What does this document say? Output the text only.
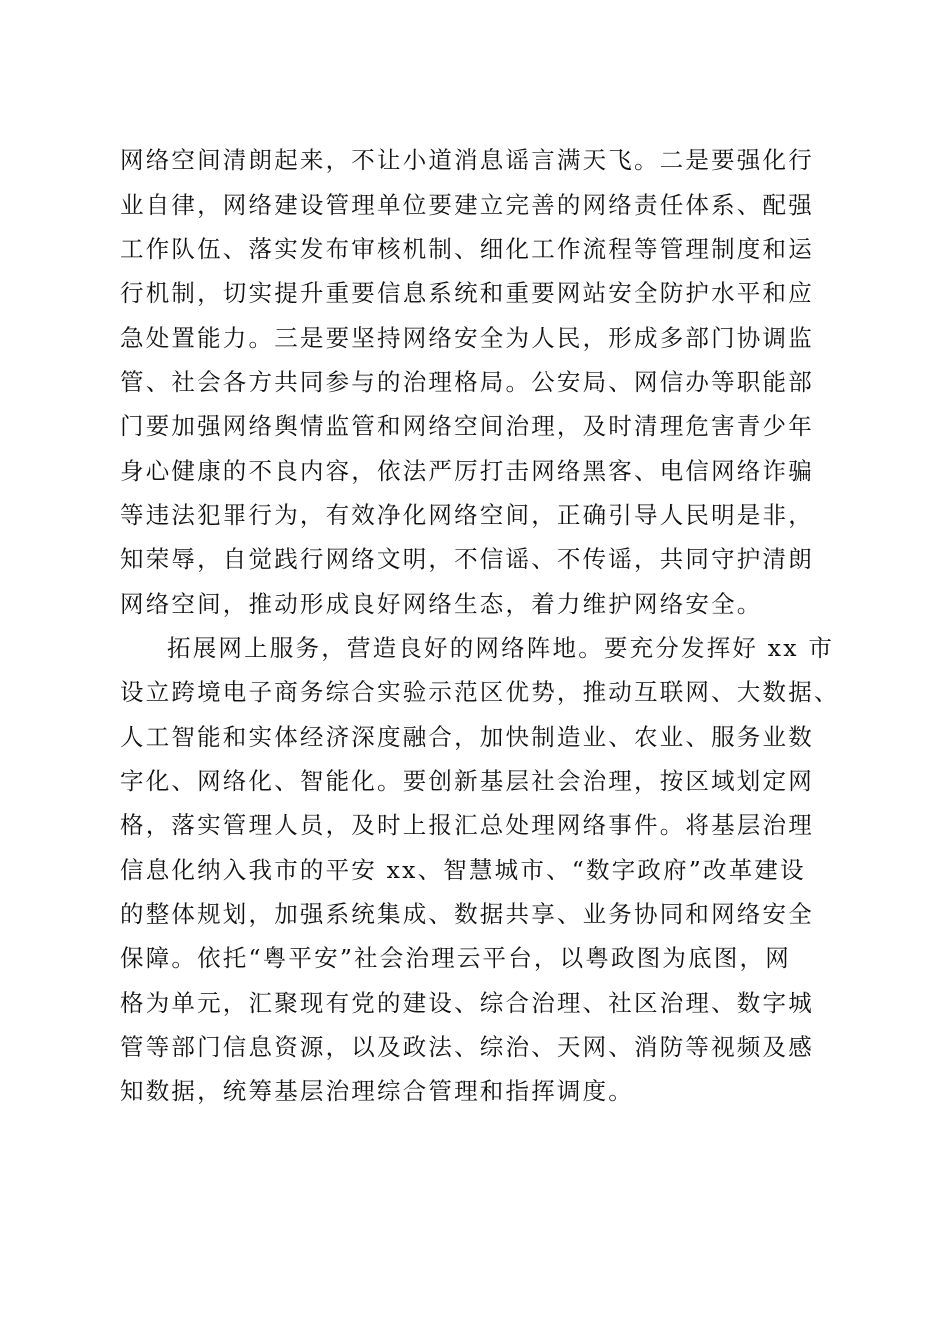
网络空间清朗起来，不让小道消息谣言满天飞。二是要强化行
业自律，网络建设管理单位要建立完善的网络责任体系、配强
工作队伍、落实发布审核机制、细化工作流程等管理制度和运
行机制，切实提升重要信息系统和重要网站安全防护水平和应
急处置能力。三是要坚持网络安全为人民，形成多部门协调监
管、社会各方共同参与的治理格局。公安局、网信办等职能部
门要加强网络舆情监管和网络空间治理，及时清理危害青少年
身心健康的不良内容，依法严厉打击网络黑客、电信网络诈骗
等违法犯罪行为，有效净化网络空间，正确引导人民明是非，
知荣辱，自觉践行网络文明，不信谣、不传谣，共同守护清朗
网络空间，推动形成良好网络生态，着力维护网络安全。
拓展网上服务，营造良好的网络阵地。要充分发挥好 xx 市
设立跨境电子商务综合实验示范区优势，推动互联网、大数据、
人工智能和实体经济深度融合，加快制造业、农业、服务业数
字化、网络化、智能化。要创新基层社会治理，按区域划定网
格，落实管理人员，及时上报汇总处理网络事件。将基层治理
信息化纳入我市的平安 xx、智慧城市、“数字政府”改革建设
的整体规划，加强系统集成、数据共享、业务协同和网络安全
保障。依托“粤平安”社会治理云平台，以粤政图为底图，网
格为单元，汇聚现有党的建设、综合治理、社区治理、数字城
管等部门信息资源，以及政法、综治、天网、消防等视频及感
知数据，统筹基层治理综合管理和指挥调度。
